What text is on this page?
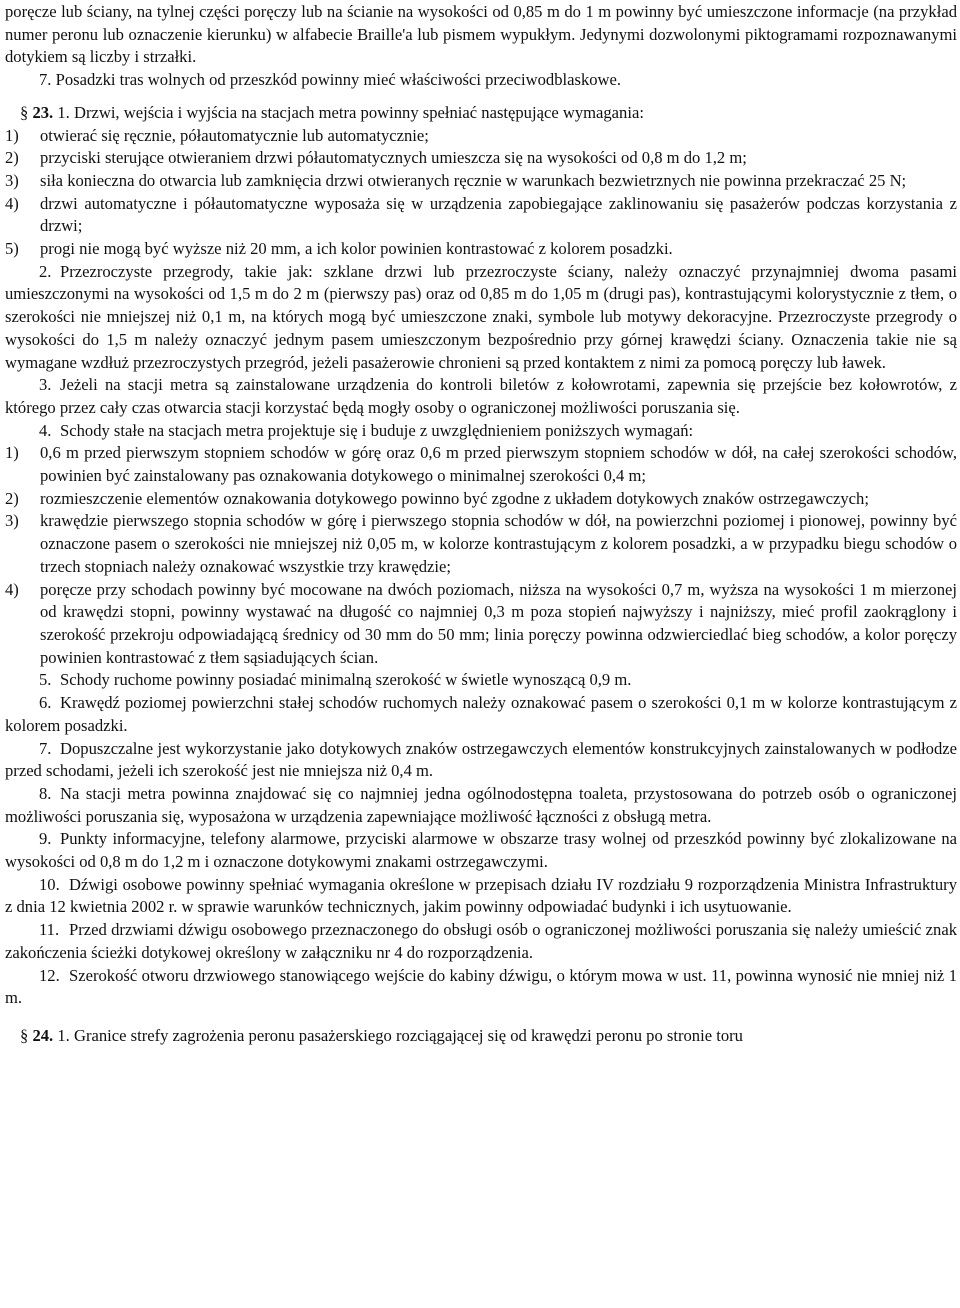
poręcze lub ściany, na tylnej części poręczy lub na ścianie na wysokości od 0,85 m do 1 m powinny być umieszczone informacje (na przykład numer peronu lub oznaczenie kierunku) w alfabecie Braille'a lub pismem wypukłym. Jedynymi dozwolonymi piktogramami rozpoznawanymi dotykiem są liczby i strzałki.

7. Posadzki tras wolnych od przeszkód powinny mieć właściwości przeciwodblaskowe.

§ 23. 1. Drzwi, wejścia i wyjścia na stacjach metra powinny spełniać następujące wymagania:

1)	otwierać się ręcznie, półautomatycznie lub automatycznie;
2)	przyciski sterujące otwieraniem drzwi półautomatycznych umieszcza się na wysokości od 0,8 m do 1,2 m;
3)	siła konieczna do otwarcia lub zamknięcia drzwi otwieranych ręcznie w warunkach bezwietrznych nie powinna przekraczać 25 N;
4)	drzwi automatyczne i półautomatyczne wyposaża się w urządzenia zapobiegające zaklinowaniu się pasażerów podczas korzystania z drzwi;
5)	progi nie mogą być wyższe niż 20 mm, a ich kolor powinien kontrastować z kolorem posadzki.

2. Przezroczyste przegrody, takie jak: szklane drzwi lub przezroczyste ściany, należy oznaczyć przynajmniej dwoma pasami umieszczonymi na wysokości od 1,5 m do 2 m (pierwszy pas) oraz od 0,85 m do 1,05 m (drugi pas), kontrastującymi kolorystycznie z tłem, o szerokości nie mniejszej niż 0,1 m, na których mogą być umieszczone znaki, symbole lub motywy dekoracyjne. Przezroczyste przegrody o wysokości do 1,5 m należy oznaczyć jednym pasem umieszczonym bezpośrednio przy górnej krawędzi ściany. Oznaczenia takie nie są wymagane wzdłuż przezroczystych przegród, jeżeli pasażerowie chronieni są przed kontaktem z nimi za pomocą poręczy lub ławek.

3. Jeżeli na stacji metra są zainstalowane urządzenia do kontroli biletów z kołowrotami, zapewnia się przejście bez kołowrotów, z którego przez cały czas otwarcia stacji korzystać będą mogły osoby o ograniczonej możliwości poruszania się.

4. Schody stałe na stacjach metra projektuje się i buduje z uwzględnieniem poniższych wymagań:

1)	0,6 m przed pierwszym stopniem schodów w górę oraz 0,6 m przed pierwszym stopniem schodów w dół, na całej szerokości schodów, powinien być zainstalowany pas oznakowania dotykowego o minimalnej szerokości 0,4 m;
2)	rozmieszczenie elementów oznakowania dotykowego powinno być zgodne z układem dotykowych znaków ostrzegawczych;
3)	krawędzie pierwszego stopnia schodów w górę i pierwszego stopnia schodów w dół, na powierzchni poziomej i pionowej, powinny być oznaczone pasem o szerokości nie mniejszej niż 0,05 m, w kolorze kontrastującym z kolorem posadzki, a w przypadku biegu schodów o trzech stopniach należy oznakować wszystkie trzy krawędzie;
4)	poręcze przy schodach powinny być mocowane na dwóch poziomach, niższa na wysokości 0,7 m, wyższa na wysokości 1 m mierzonej od krawędzi stopni, powinny wystawać na długość co najmniej 0,3 m poza stopień najwyższy i najniższy, mieć profil zaokrąglony i szerokość przekroju odpowiadającą średnicy od 30 mm do 50 mm; linia poręczy powinna odzwierciedlać bieg schodów, a kolor poręczy powinien kontrastować z tłem sąsiadujących ścian.

5. Schody ruchome powinny posiadać minimalną szerokość w świetle wynoszącą 0,9 m.

6. Krawędź poziomej powierzchni stałej schodów ruchomych należy oznakować pasem o szerokości 0,1 m w kolorze kontrastującym z kolorem posadzki.

7. Dopuszczalne jest wykorzystanie jako dotykowych znaków ostrzegawczych elementów konstrukcyjnych zainstalowanych w podłodze przed schodami, jeżeli ich szerokość jest nie mniejsza niż 0,4 m.

8. Na stacji metra powinna znajdować się co najmniej jedna ogólnodostępna toaleta, przystosowana do potrzeb osób o ograniczonej możliwości poruszania się, wyposażona w urządzenia zapewniające możliwość łączności z obsługą metra.

9. Punkty informacyjne, telefony alarmowe, przyciski alarmowe w obszarze trasy wolnej od przeszkód powinny być zlokalizowane na wysokości od 0,8 m do 1,2 m i oznaczone dotykowymi znakami ostrzegawczymi.

10. Dźwigi osobowe powinny spełniać wymagania określone w przepisach działu IV rozdziału 9 rozporządzenia Ministra Infrastruktury z dnia 12 kwietnia 2002 r. w sprawie warunków technicznych, jakim powinny odpowiadać budynki i ich usytuowanie.

11. Przed drzwiami dźwigu osobowego przeznaczonego do obsługi osób o ograniczonej możliwości poruszania się należy umieścić znak zakończenia ścieżki dotykowej określony w załączniku nr 4 do rozporządzenia.

12. Szerokość otworu drzwiowego stanowiącego wejście do kabiny dźwigu, o którym mowa w ust. 11, powinna wynosić nie mniej niż 1 m.

§ 24. 1. Granice strefy zagrożenia peronu pasażerskiego rozciągającej się od krawędzi peronu po stronie toru
